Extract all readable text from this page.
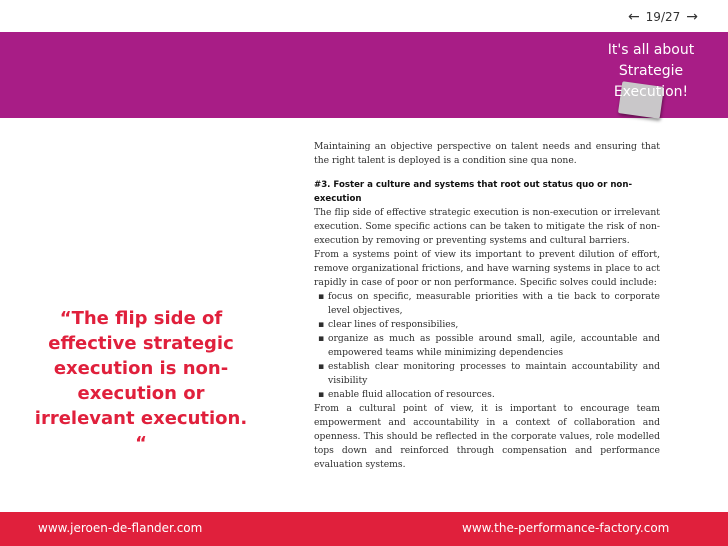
← 19/27 →
It's all about
Strategie
Execution!
“The flip side of effective strategic execution is non-execution or irrelevant execution. “

Maintaining an objective perspective on talent needs and ensuring that the right talent is deployed is a condition sine qua none.

#3. Foster a culture and systems that root out status quo or non-execution

The flip side of effective strategic execution is non-execution or irrelevant execution. Some specific actions can be taken to mitigate the risk of non-execution by removing or preventing systems and cultural barriers.

From a systems point of view its important to prevent dilution of effort, remove organizational frictions, and have warning systems in place to act rapidly in case of poor or non performance. Specific solves could include:

▪ focus on specific, measurable priorities with a tie back to corporate level objectives,
▪ clear lines of responsibilies,
▪ organize as much as possible around small, agile, accountable and empowered teams while minimizing dependencies
▪ establish clear monitoring processes to maintain accountability and visibility
▪ enable fluid allocation of resources.

From a cultural point of view, it is important to encourage team empowerment and accountability in a context of collaboration and openness. This should be reflected in the corporate values, role modelled tops down and reinforced through compensation and performance evaluation systems.

www.jeroen-de-flander.com	www.the-performance-factory.com
